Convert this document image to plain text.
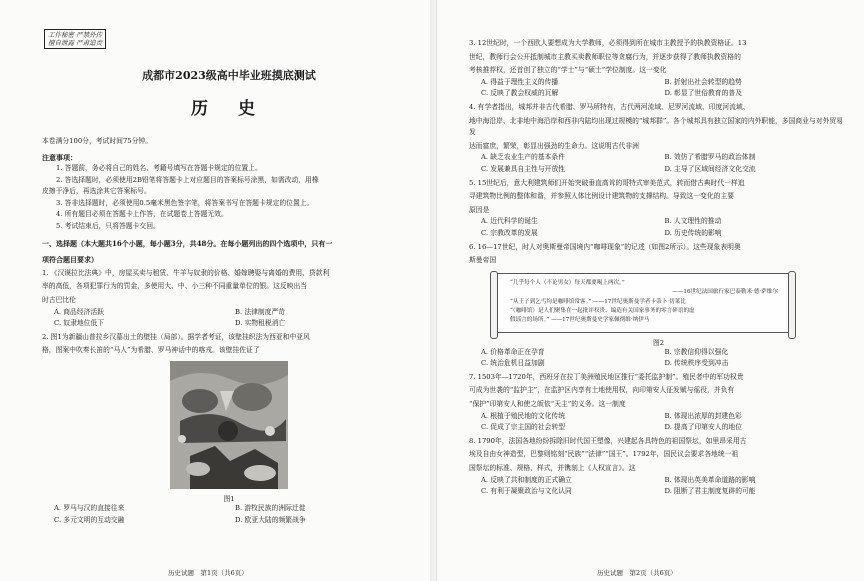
工作秘密 严禁外传
擅自泄露 严肃追责
成都市2023级高中毕业班摸底测试
历 史
本卷满分100分，考试时间75分钟。
注意事项：
1. 答题前，务必将自己的姓名、考籍号填写在答题卡规定的位置上。
2. 答选择题时，必须使用2B铅笔将答题卡上对应题目的答案标号涂黑，如需改动，用橡
皮擦干净后，再选涂其它答案标号。
3. 答非选择题时，必须使用0.5毫米黑色签字笔，将答案书写在答题卡规定的位置上。
4. 所有题目必须在答题卡上作答，在试题卷上答题无效。
5. 考试结束后，只将答题卡交回。
一、选择题（本大题共16个小题，每小题3分，共48分。在每小题列出的四个选项中，只有一
项符合题目要求）
1. 《汉谟拉比法典》中，房屋买卖与租赁、牛羊与奴隶的价格、婚嫁聘娶与离婚的费用、贷款利
率的高低，各项犯罪行为的罚金，多使用大、中、小三种不同重量单位的银。这反映出当
时古巴比伦
A. 商品经济活跃	B. 法律制度严苛
C. 奴隶地位低下	D. 实物租税消亡
2. 图1为新疆山普拉乡汉墓出土的壁挂（局部）。据学者考证，该壁挂织法为西亚和中亚风
格，图案中吹奏长笛的“马人”为希腊、罗马神话中的喀戎。该壁挂佐证了
图1
A. 罗马与汉的直接往来	B. 游牧民族的洲际迁徙
C. 多元文明的互动交融	D. 欧亚大陆的频繁战争
历史试题　第1页（共6页）
3. 12世纪时，一个西欧人要想成为大学教师，必须得到所在城市主教授予的执教资格证。13
世纪，教师行会公开抵制城市主教买卖教师职位等贪腐行为，并逐步获得了教师执教资格的
考核推荐权，还首创了独立的“学士”与“硕士”学位制度。这一变化
A. 得益于理性主义的传播	B. 折射出社会转型的趋势
C. 反映了教会权威的瓦解	D. 彰显了世俗教育的普及
4. 有学者指出，城邦并非古代希腊、罗马所特有，古代两河流域、尼罗河流域、印度河流域、
地中海沿岸、北非地中海沿岸和西非内陆均出现过规模的“城邦群”。各个城邦具有独立国家的内外职能，多国商业与对外贸易发
达而富庶，繁荣，彰显出强劲的生命力。这说明古代非洲
A. 缺乏农业生产的基本条件	B. 效仿了希腊罗马的政治体制
C. 发展兼具自主性与开放性	D. 主导了区域间经济文化交流
5. 15世纪后，意大利建筑师们开始突破垂直高耸的哥特式审美范式，转而借古典时代一样追
寻建筑物比例的整体和谐，并参照人体比例设计建筑物的支撑结构。导致这一变化的主要
原因是
A. 近代科学的诞生	B. 人文理性的推动
C. 宗教改革的发展	D. 历史传统的影响
6. 16—17世纪，时人对奥斯曼帝国境内“咖啡现象”的记述（如图2所示）。这些现象表明奥
斯曼帝国
“几乎每个人（不论男女）每天都要喝上两次。”
——16世纪法国旅行家巴泰勒米·德·萨维尔
“从王子到乞丐均是咖啡馆常客。” ——17世纪奥斯曼学者卡蒂卜·切莱比
“（咖啡馆）是人们聚集在一起批评权贵、编造有关国家事务的零言碎语的虚
假谣言的场所。” ——17世纪奥斯曼史学家佩彻维·纳伊马
图2
A. 价格革命正在孕育	B. 宗教信仰得以强化
C. 统治危机日益加剧	D. 传统秩序受到冲击
7. 1503年—1720年，西班牙在拉丁美洲殖民地区推行“委托监护制”。殖民者中的军功权贵
可成为世袭的“监护主”，在监护区内享有土地使用权，向印第安人征发赋与徭役，并负有
“保护”印第安人和使之皈依“天主”的义务。这一制度
A. 根植于殖民地的文化传统	B. 体现出浓厚的封建色彩
C. 促成了宗主国的社会转型	D. 提高了印第安人的地位
8. 1790年，法国各地纷纷拆除旧时代国王塑像，兴建起各具特色的祖国祭坛，如里昂采用古
埃及自由女神造型，巴黎则铭刻“民族”“法律”“国王”。1792年，国民议会要求各地统一祖
国祭坛的标准、规格、样式，并镌刻上《人权宣言》。这
A. 反映了共和制度的正式确立	B. 体现出英美革命道路的影响
C. 有利于凝聚政治与文化认同	D. 阻断了君主制度复辟的可能
历史试题　第2页（共6页）
